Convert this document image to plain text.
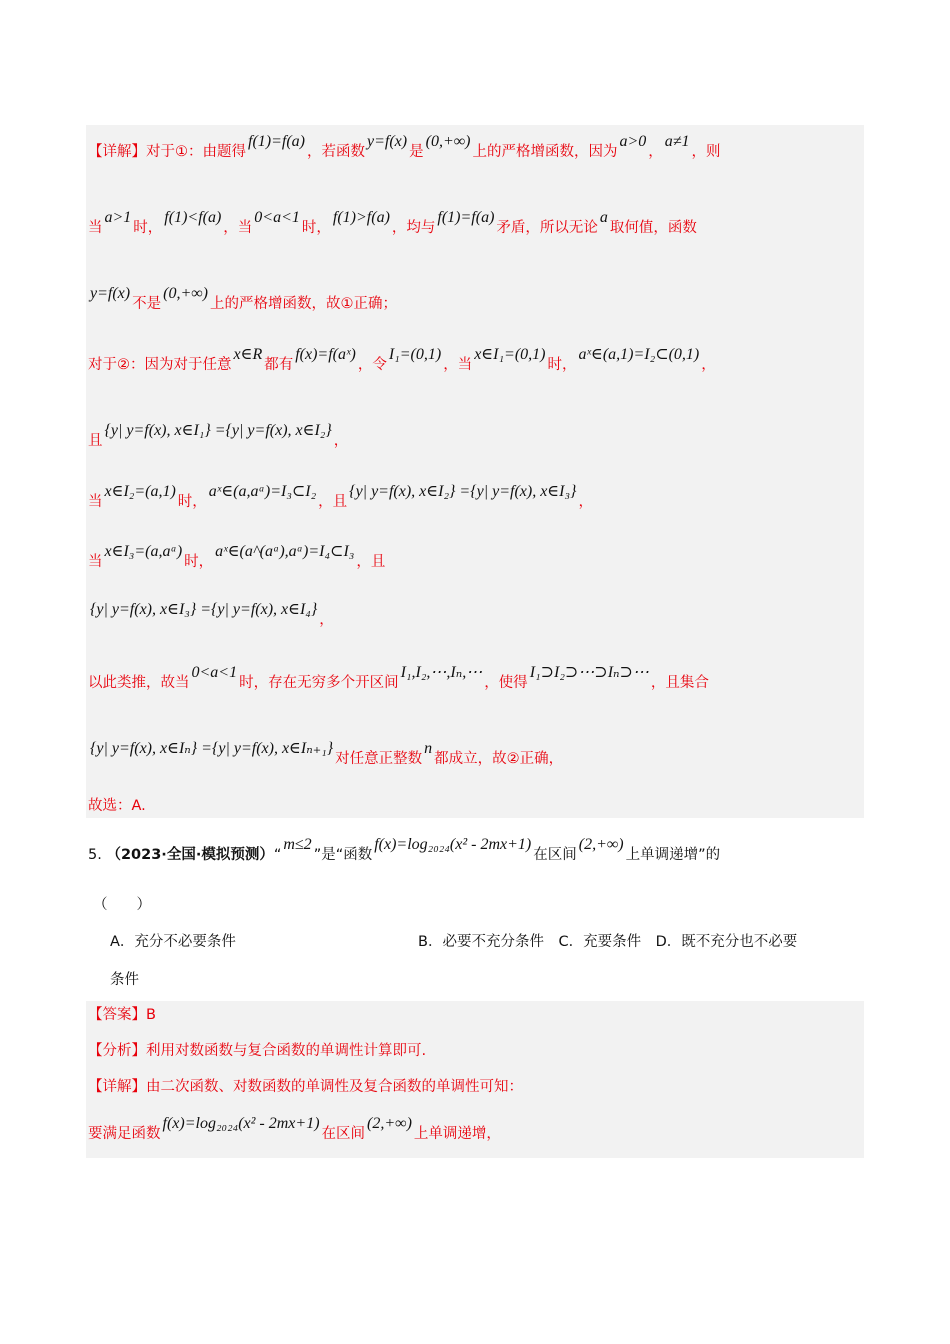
【详解】对于①：由题得f(1)=f(a)，若函数y=f(x)是(0,+∞)上的严格增函数，因为a>0，a≠1，则
当a>1时，f(1)<f(a)，当0<a<1时，f(1)>f(a)，均与f(1)=f(a)矛盾，所以无论a取何值，函数
y=f(x)不是(0,+∞)上的严格增函数，故①正确；
对于②：因为对于任意x∈R都有f(x)=f(aˣ)，令I₁=(0,1)，当x∈I₁=(0,1)时，aˣ∈(a,1)=I₂⊂(0,1)，
且{y| y=f(x), x∈I₁} ={y| y=f(x), x∈I₂}，
当x∈I₂=(a,1)时，aˣ∈(a,aᵃ)=I₃⊂I₂，且{y| y=f(x), x∈I₂} ={y| y=f(x), x∈I₃}，
当x∈I₃=(a,aᵃ)时，aˣ∈(a^(aᵃ),aᵃ)=I₄⊂I₃，且
{y| y=f(x), x∈I₃} ={y| y=f(x), x∈I₄}，
以此类推，故当0<a<1时，存在无穷多个开区间I₁,I₂,⋯,Iₙ,⋯，使得I₁⊃I₂⊃⋯⊃Iₙ⊃⋯，且集合
{y| y=f(x), x∈Iₙ} ={y| y=f(x), x∈Iₙ₊₁}对任意正整数n都成立，故②正确，
故选：A.
5. （2023·全国·模拟预测）“m≤2”是“函数f(x)=log₂₀₂₄(x² - 2mx+1)在区间(2,+∞)上单调递增”的
（　　）
A．充分不必要条件	B．必要不充分条件　C．充要条件　D．既不充分也不必要
条件
【答案】B
【分析】利用对数函数与复合函数的单调性计算即可.
【详解】由二次函数、对数函数的单调性及复合函数的单调性可知：
要满足函数f(x)=log₂₀₂₄(x² - 2mx+1)在区间(2,+∞)上单调递增，
